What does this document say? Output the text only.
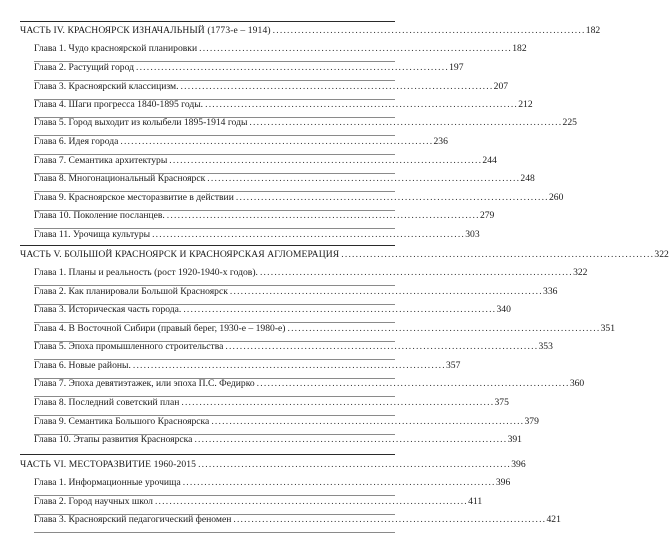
ЧАСТЬ IV. КРАСНОЯРСК ИЗНАЧАЛЬНЫЙ (1773-е – 1914) . . .	182
Глава 1. Чудо красноярской планировки . . .	182
Глава 2. Растущий город . . .	197
Глава 3. Красноярский классицизм. . . .	207
Глава 4. Шаги прогресса 1840-1895 годы. . . .	212
Глава 5. Город выходит из колыбели 1895-1914 годы . . .	225
Глава 6. Идея города . . .	236
Глава 7. Семантика архитектуры . . .	244
Глава 8. Многонациональный Красноярск . . .	248
Глава 9. Красноярское месторазвитие в действии . . .	260
Глава 10. Поколение посланцев. . . .	279
Глава 11. Урочища культуры . . .	303
ЧАСТЬ V. БОЛЬШОЙ КРАСНОЯРСК И КРАСНОЯРСКАЯ АГЛОМЕРАЦИЯ . . .	322
Глава 1. Планы и реальность (рост 1920-1940-х годов). . . .	322
Глава 2. Как планировали Большой Красноярск . . .	336
Глава 3. Историческая часть города. . . .	340
Глава 4. В Восточной Сибири (правый берег, 1930-е – 1980-е) . . .	351
Глава 5. Эпоха промышленного строительства . . .	353
Глава 6. Новые районы. . . .	357
Глава 7. Эпоха девятиэтажек, или эпоха П.С. Федирко . . .	360
Глава 8. Последний советский план . . .	375
Глава 9. Семантика Большого Красноярска . . .	379
Глава 10. Этапы развития Красноярска . . .	391
ЧАСТЬ VI. МЕСТОРАЗВИТИЕ 1960-2015 . . .	396
Глава 1. Информационные урочища . . .	396
Глава 2. Город научных школ . . .	411
Глава 3. Красноярский педагогический феномен . . .	421
